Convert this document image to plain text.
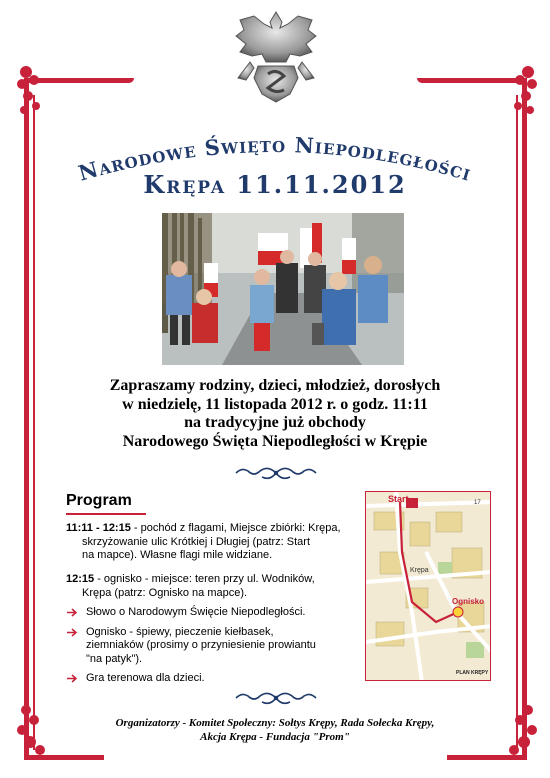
Narodowe Święto Niepodległości
Krępa 11.11.2012
Zapraszamy rodziny, dzieci, młodzież, dorosłych
w niedzielę, 11 listopada 2012 r. o godz. 11:11
na tradycyjne już obchody
Narodowego Święta Niepodległości w Krępie
Program
11:11 - 12:15 - pochód z flagami, Miejsce zbiórki: Krępa,
skrzyżowanie ulic Krótkiej i Długiej (patrz: Start
na mapce). Własne flagi mile widziane.
12:15 - ognisko - miejsce: teren przy ul. Wodników,
Krępa (patrz: Ognisko na mapce).
Słowo o Narodowym Święcie Niepodległości.
Ognisko - śpiewy, pieczenie kiełbasek, ziemniaków (prosimy o przyniesienie prowiantu "na patyk").
Gra terenowa dla dzieci.
Start	17
Krępa
Ognisko
PLAN KRĘPY
Organizatorzy - Komitet Społeczny: Sołtys Krępy, Rada Sołecka Krępy,
Akcja Krępa - Fundacja "Prom"
